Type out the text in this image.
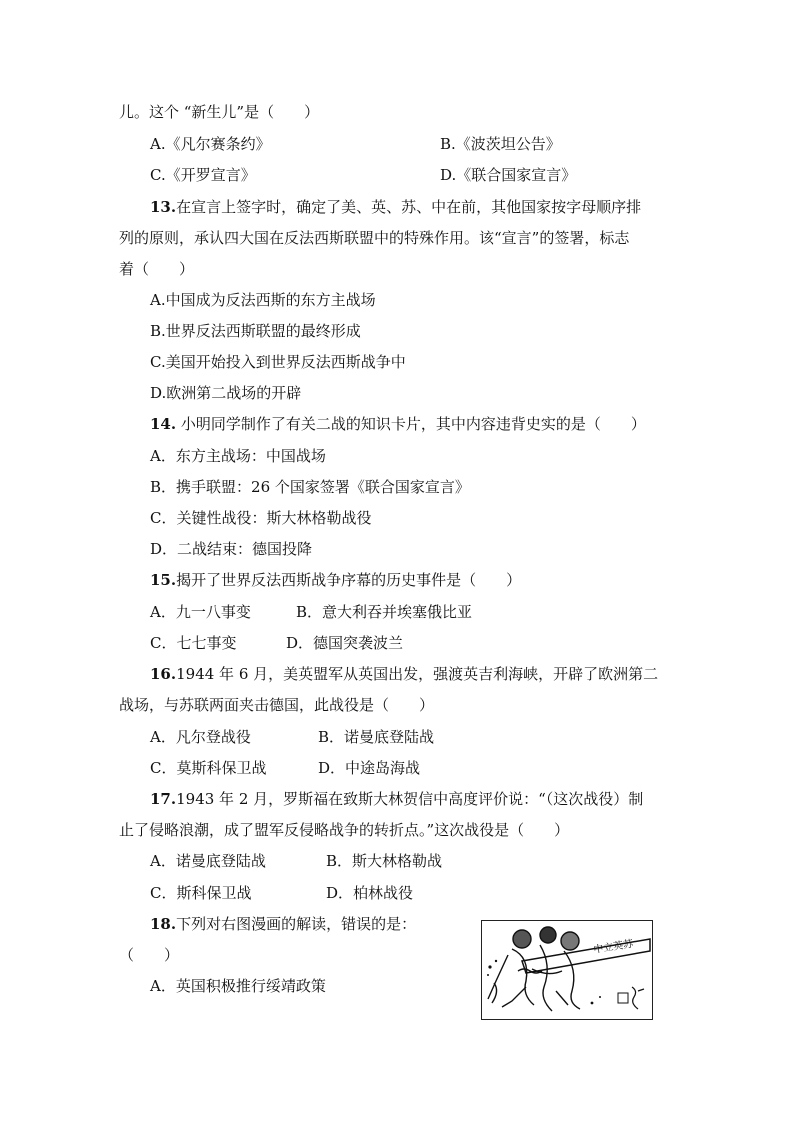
儿。这个 “新生儿”是（　　）
A.《凡尔赛条约》	B.《波茨坦公告》
C.《开罗宣言》	D.《联合国家宣言》
13.在宣言上签字时，确定了美、英、苏、中在前，其他国家按字母顺序排
列的原则，承认四大国在反法西斯联盟中的特殊作用。该“宣言”的签署，标志
着（　　）
A.中国成为反法西斯的东方主战场
B.世界反法西斯联盟的最终形成
C.美国开始投入到世界反法西斯战争中
D.欧洲第二战场的开辟
14. 小明同学制作了有关二战的知识卡片，其中内容违背史实的是（　　）
A．东方主战场：中国战场
B．携手联盟：26 个国家签署《联合国家宣言》
C．关键性战役：斯大林格勒战役
D．二战结束：德国投降
15.揭开了世界反法西斯战争序幕的历史事件是（　　）
A．九一八事变	B．意大利吞并埃塞俄比亚
C．七七事变	D．德国突袭波兰
16.1944 年 6 月，美英盟军从英国出发，强渡英吉利海峡，开辟了欧洲第二
战场，与苏联两面夹击德国，此战役是（　　）
A．凡尔登战役	B．诺曼底登陆战
C．莫斯科保卫战	D．中途岛海战
17.1943 年 2 月，罗斯福在致斯大林贺信中高度评价说：“（这次战役）制
止了侵略浪潮，成了盟军反侵略战争的转折点。”这次战役是（　　）
A．诺曼底登陆战	B．斯大林格勒战
C．斯科保卫战	D．柏林战役
18.下列对右图漫画的解读，错误的是：
（　　）
A．英国积极推行绥靖政策
中立英苏
